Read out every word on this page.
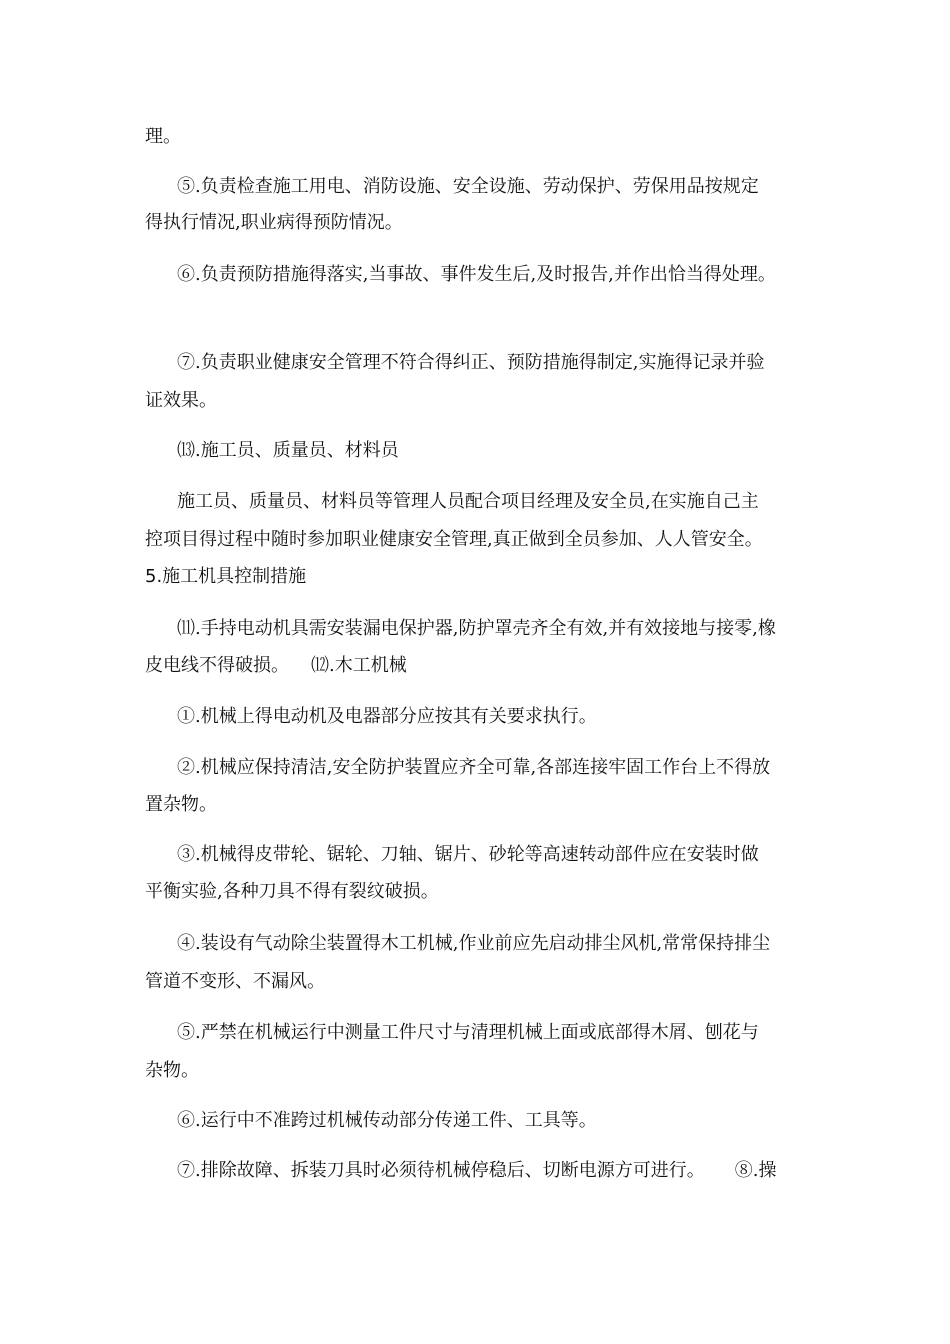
理。
⑤.负责检查施工用电、消防设施、安全设施、劳动保护、劳保用品按规定
得执行情况,职业病得预防情况。
⑥.负责预防措施得落实,当事故、事件发生后,及时报告,并作出恰当得处理。
⑦.负责职业健康安全管理不符合得纠正、预防措施得制定,实施得记录并验
证效果。
⒀.施工员、质量员、材料员
施工员、质量员、材料员等管理人员配合项目经理及安全员,在实施自己主
控项目得过程中随时参加职业健康安全管理,真正做到全员参加、人人管安全。
5.施工机具控制措施
⑾.手持电动机具需安装漏电保护器,防护罩壳齐全有效,并有效接地与接零,橡
皮电线不得破损。 ⑿.木工机械
①.机械上得电动机及电器部分应按其有关要求执行。
②.机械应保持清洁,安全防护装置应齐全可靠,各部连接牢固工作台上不得放
置杂物。
③.机械得皮带轮、锯轮、刀轴、锯片、砂轮等高速转动部件应在安装时做
平衡实验,各种刀具不得有裂纹破损。
④.装设有气动除尘装置得木工机械,作业前应先启动排尘风机,常常保持排尘
管道不变形、不漏风。
⑤.严禁在机械运行中测量工件尺寸与清理机械上面或底部得木屑、刨花与
杂物。
⑥.运行中不准跨过机械传动部分传递工件、工具等。
⑦.排除故障、拆装刀具时必须待机械停稳后、切断电源方可进行。 ⑧.操
